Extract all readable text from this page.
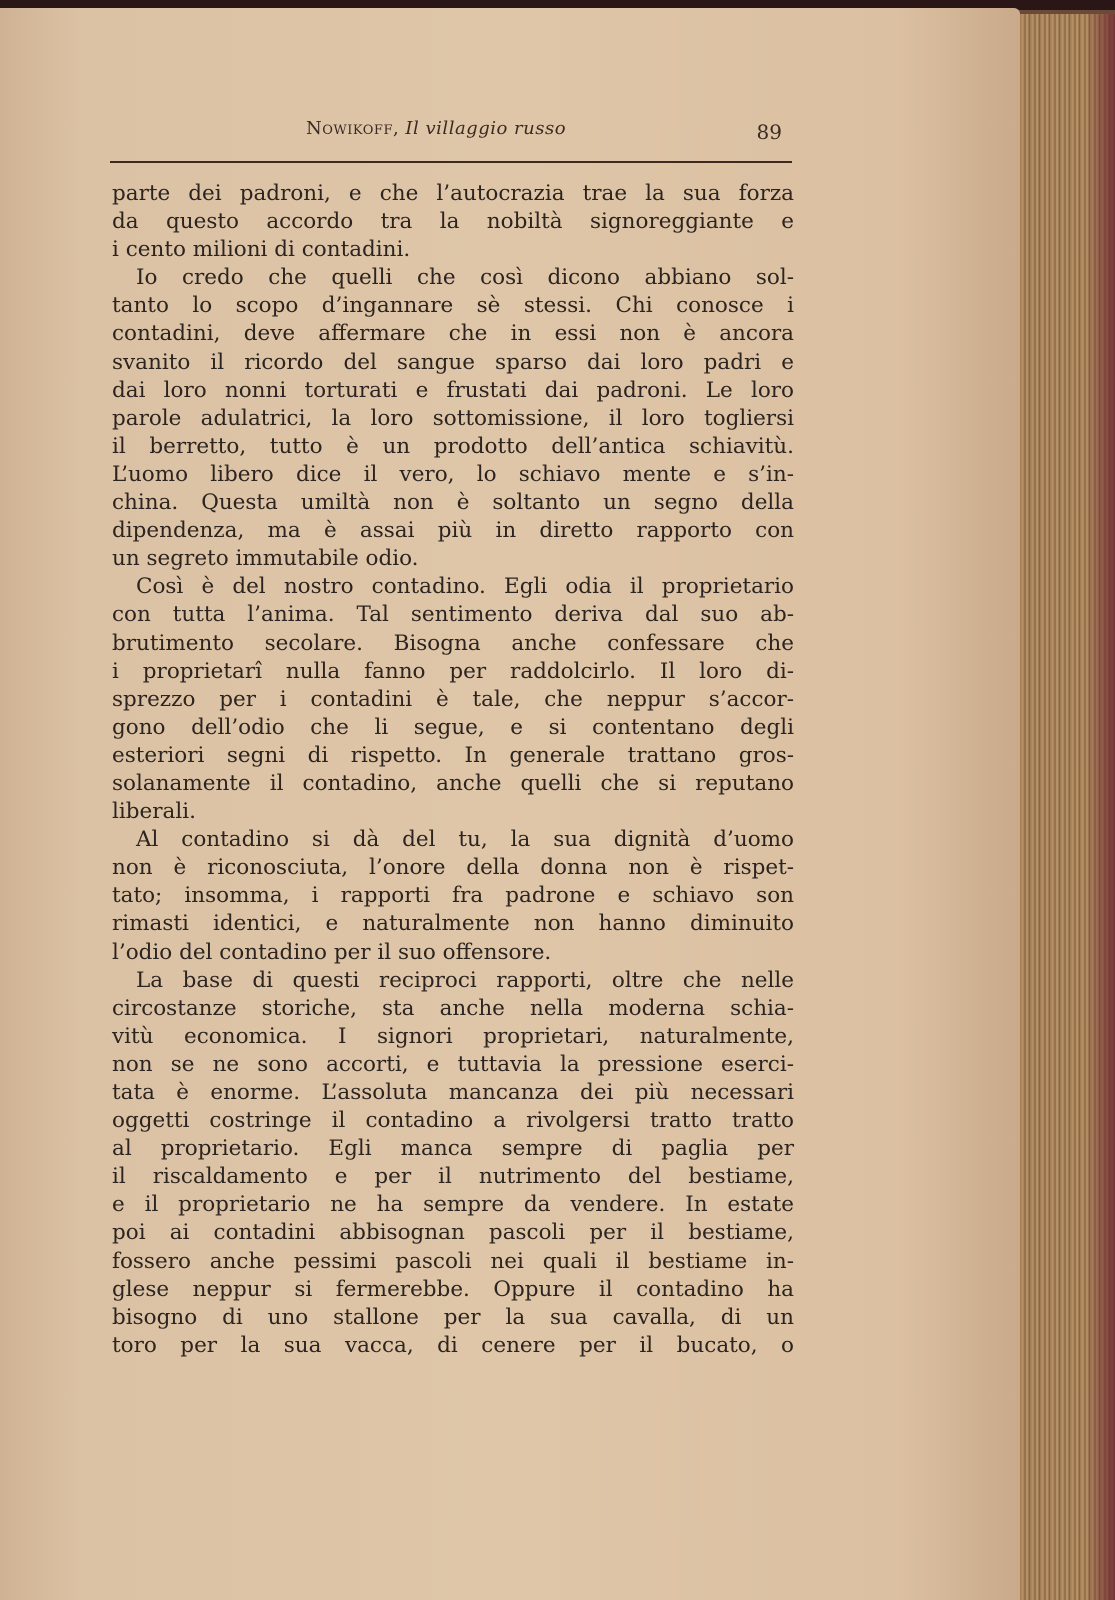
Nowikoff, Il villaggio russo	89
parte dei padroni, e che l’autocrazia trae la sua forza
da questo accordo tra la nobiltà signoreggiante e
i cento milioni di contadini.
Io credo che quelli che così dicono abbiano sol-
tanto lo scopo d’ingannare sè stessi. Chi conosce i
contadini, deve affermare che in essi non è ancora
svanito il ricordo del sangue sparso dai loro padri e
dai loro nonni torturati e frustati dai padroni. Le loro
parole adulatrici, la loro sottomissione, il loro togliersi
il berretto, tutto è un prodotto dell’antica schiavitù.
L’uomo libero dice il vero, lo schiavo mente e s’in-
china. Questa umiltà non è soltanto un segno della
dipendenza, ma è assai più in diretto rapporto con
un segreto immutabile odio.
Così è del nostro contadino. Egli odia il proprietario
con tutta l’anima. Tal sentimento deriva dal suo ab-
brutimento secolare. Bisogna anche confessare che
i proprietarî nulla fanno per raddolcirlo. Il loro di-
sprezzo per i contadini è tale, che neppur s’accor-
gono dell’odio che li segue, e si contentano degli
esteriori segni di rispetto. In generale trattano gros-
solanamente il contadino, anche quelli che si reputano
liberali.
Al contadino si dà del tu, la sua dignità d’uomo
non è riconosciuta, l’onore della donna non è rispet-
tato; insomma, i rapporti fra padrone e schiavo son
rimasti identici, e naturalmente non hanno diminuito
l’odio del contadino per il suo offensore.
La base di questi reciproci rapporti, oltre che nelle
circostanze storiche, sta anche nella moderna schia-
vitù economica. I signori proprietari, naturalmente,
non se ne sono accorti, e tuttavia la pressione eserci-
tata è enorme. L’assoluta mancanza dei più necessari
oggetti costringe il contadino a rivolgersi tratto tratto
al proprietario. Egli manca sempre di paglia per
il riscaldamento e per il nutrimento del bestiame,
e il proprietario ne ha sempre da vendere. In estate
poi ai contadini abbisognan pascoli per il bestiame,
fossero anche pessimi pascoli nei quali il bestiame in-
glese neppur si fermerebbe. Oppure il contadino ha
bisogno di uno stallone per la sua cavalla, di un
toro per la sua vacca, di cenere per il bucato, o
